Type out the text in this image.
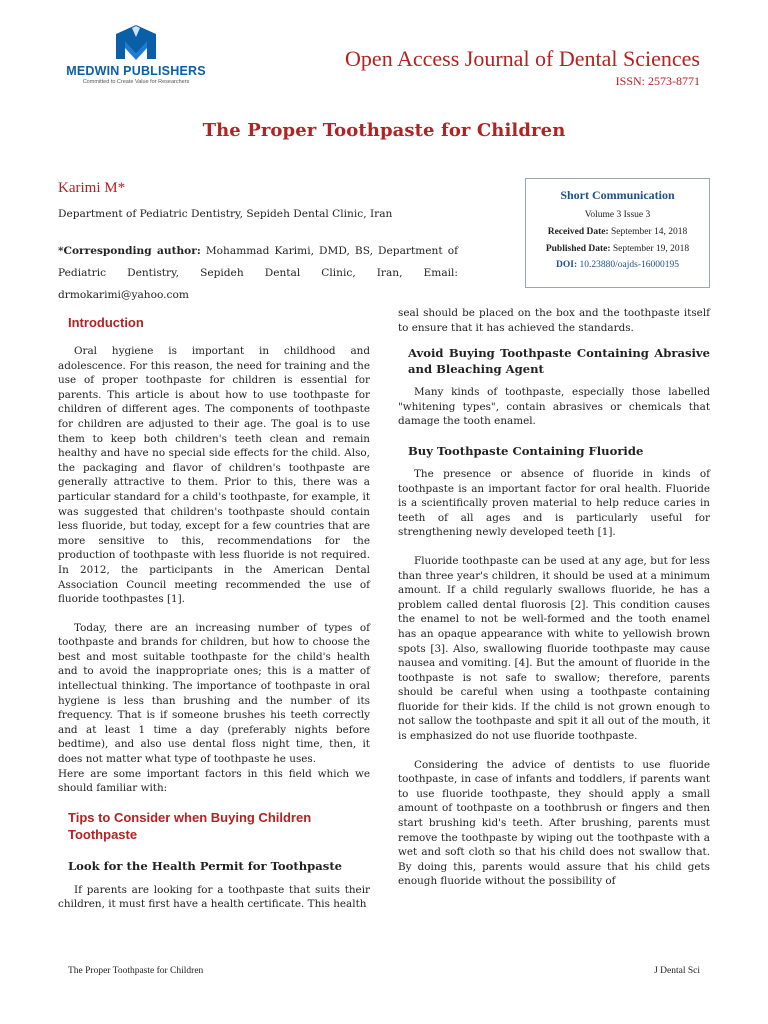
MEDWIN PUBLISHERS
Committed to Create Value for Researchers
Open Access Journal of Dental Sciences
ISSN: 2573-8771
The Proper Toothpaste for Children
Karimi M*
Department of Pediatric Dentistry, Sepideh Dental Clinic, Iran
*Corresponding author: Mohammad Karimi, DMD, BS, Department of Pediatric Dentistry, Sepideh Dental Clinic, Iran, Email: drmokarimi@yahoo.com
Short Communication
Volume 3 Issue 3
Received Date: September 14, 2018
Published Date: September 19, 2018
DOI: 10.23880/oajds-16000195
Introduction

Oral hygiene is important in childhood and adolescence. For this reason, the need for training and the use of proper toothpaste for children is essential for parents. This article is about how to use toothpaste for children of different ages. The components of toothpaste for children are adjusted to their age. The goal is to use them to keep both children's teeth clean and remain healthy and have no special side effects for the child. Also, the packaging and flavor of children's toothpaste are generally attractive to them. Prior to this, there was a particular standard for a child's toothpaste, for example, it was suggested that children's toothpaste should contain less fluoride, but today, except for a few countries that are more sensitive to this, recommendations for the production of toothpaste with less fluoride is not required. In 2012, the participants in the American Dental Association Council meeting recommended the use of fluoride toothpastes [1].

Today, there are an increasing number of types of toothpaste and brands for children, but how to choose the best and most suitable toothpaste for the child's health and to avoid the inappropriate ones; this is a matter of intellectual thinking. The importance of toothpaste in oral hygiene is less than brushing and the number of its frequency. That is if someone brushes his teeth correctly and at least 1 time a day (preferably nights before bedtime), and also use dental floss night time, then, it does not matter what type of toothpaste he uses.

Here are some important factors in this field which we should familiar with:

Tips to Consider when Buying Children Toothpaste
Look for the Health Permit for Toothpaste

If parents are looking for a toothpaste that suits their children, it must first have a health certificate. This health

seal should be placed on the box and the toothpaste itself to ensure that it has achieved the standards.

Avoid Buying Toothpaste Containing Abrasive and Bleaching Agent

Many kinds of toothpaste, especially those labelled "whitening types", contain abrasives or chemicals that damage the tooth enamel.

Buy Toothpaste Containing Fluoride

The presence or absence of fluoride in kinds of toothpaste is an important factor for oral health. Fluoride is a scientifically proven material to help reduce caries in teeth of all ages and is particularly useful for strengthening newly developed teeth [1].

Fluoride toothpaste can be used at any age, but for less than three year's children, it should be used at a minimum amount. If a child regularly swallows fluoride, he has a problem called dental fluorosis [2]. This condition causes the enamel to not be well-formed and the tooth enamel has an opaque appearance with white to yellowish brown spots [3]. Also, swallowing fluoride toothpaste may cause nausea and vomiting. [4]. But the amount of fluoride in the toothpaste is not safe to swallow; therefore, parents should be careful when using a toothpaste containing fluoride for their kids. If the child is not grown enough to not sallow the toothpaste and spit it all out of the mouth, it is emphasized do not use fluoride toothpaste.

Considering the advice of dentists to use fluoride toothpaste, in case of infants and toddlers, if parents want to use fluoride toothpaste, they should apply a small amount of toothpaste on a toothbrush or fingers and then start brushing kid's teeth. After brushing, parents must remove the toothpaste by wiping out the toothpaste with a wet and soft cloth so that his child does not swallow that. By doing this, parents would assure that his child gets enough fluoride without the possibility of

The Proper Toothpaste for Children	J Dental Sci
